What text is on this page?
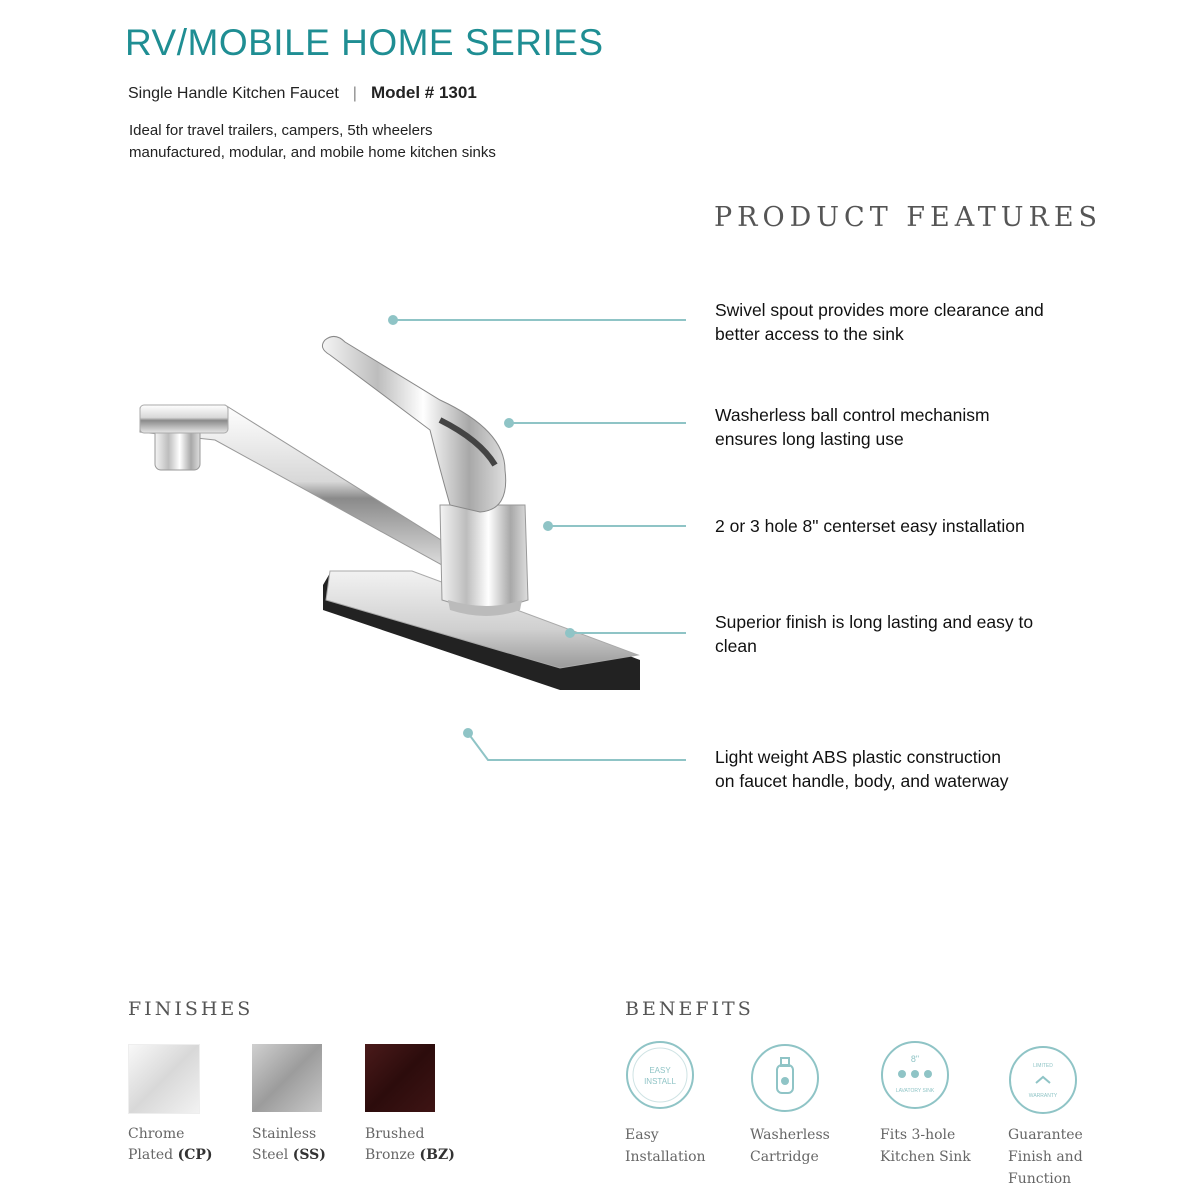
RV/MOBILE HOME SERIES
Single Handle Kitchen Faucet | Model # 1301
Ideal for travel trailers, campers, 5th wheelers
manufactured, modular, and mobile home kitchen sinks
PRODUCT FEATURES
Swivel spout provides more clearance and
better access to the sink
Washerless ball control mechanism
ensures long lasting use
2 or 3 hole 8" centerset easy installation
Superior finish is long lasting and easy to
clean
Light weight ABS plastic construction
on faucet handle, body, and waterway
FINISHES
Chrome
Plated (CP)
Stainless
Steel (SS)
Brushed
Bronze (BZ)
BENEFITS
EASY
INSTALL
Easy
Installation
Washerless
Cartridge
8"
LAVATORY SINK
Fits 3-hole
Kitchen Sink
LIMITED
WARRANTY
Guarantee
Finish and
Function
